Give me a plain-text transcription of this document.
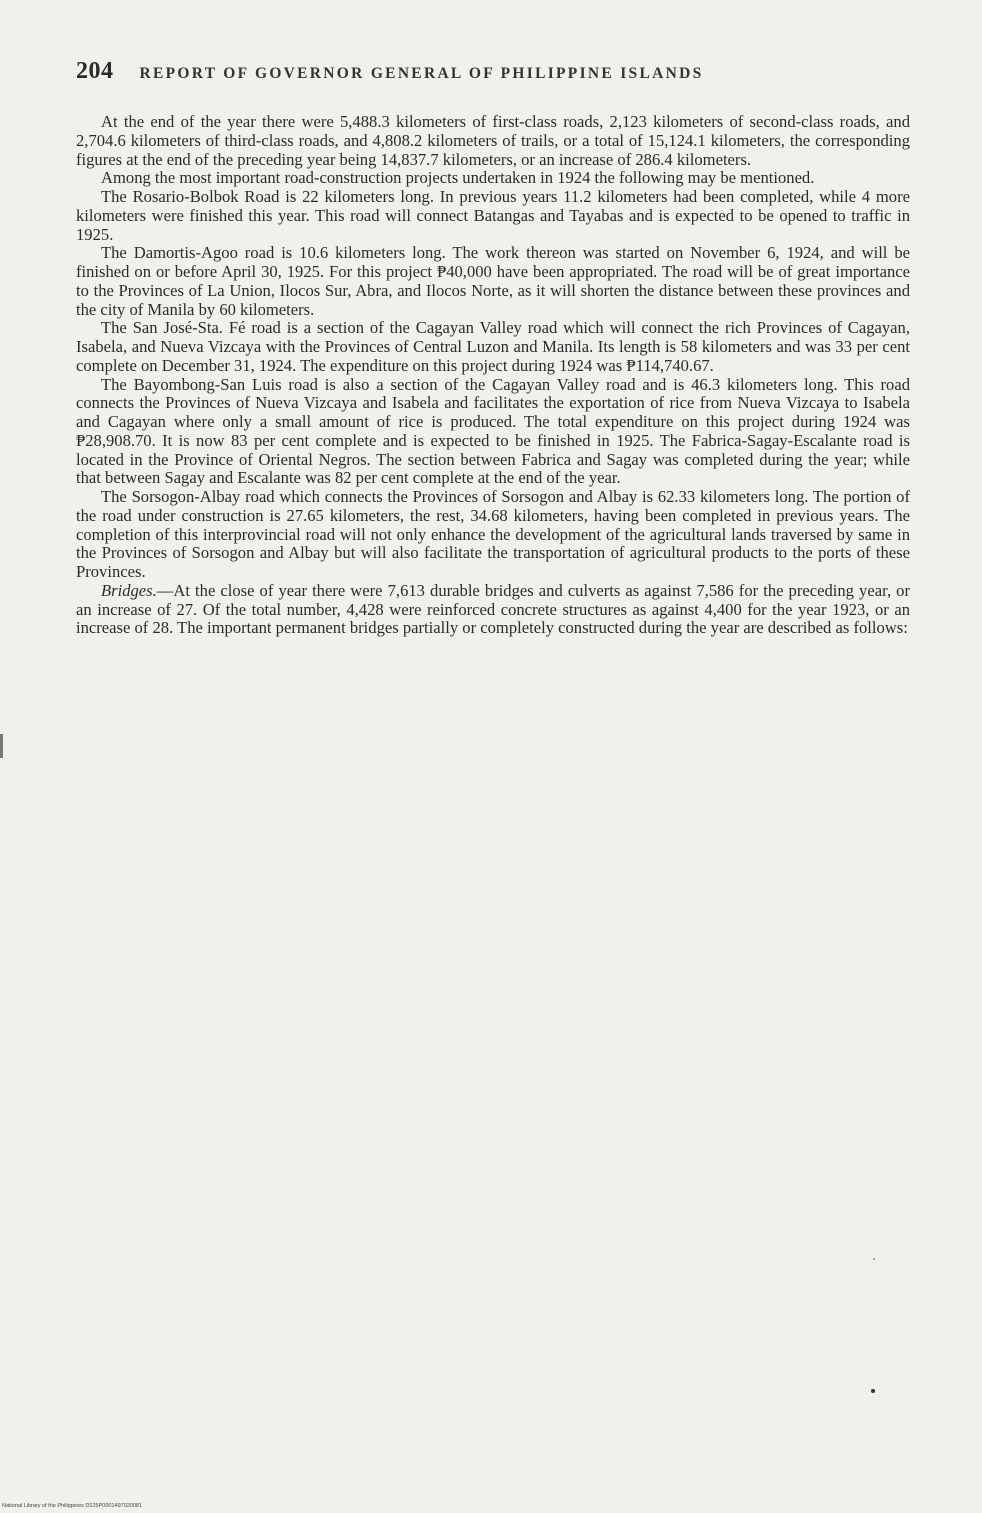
204 REPORT OF GOVERNOR GENERAL OF PHILIPPINE ISLANDS

At the end of the year there were 5,488.3 kilometers of first-class roads, 2,123 kilometers of second-class roads, and 2,704.6 kilometers of third-class roads, and 4,808.2 kilometers of trails, or a total of 15,124.1 kilometers, the corresponding figures at the end of the preceding year being 14,837.7 kilometers, or an increase of 286.4 kilometers.

Among the most important road-construction projects undertaken in 1924 the following may be mentioned.

The Rosario-Bolbok Road is 22 kilometers long. In previous years 11.2 kilometers had been completed, while 4 more kilometers were finished this year. This road will connect Batangas and Tayabas and is expected to be opened to traffic in 1925.

The Damortis-Agoo road is 10.6 kilometers long. The work thereon was started on November 6, 1924, and will be finished on or before April 30, 1925. For this project ₱40,000 have been appropriated. The road will be of great importance to the Provinces of La Union, Ilocos Sur, Abra, and Ilocos Norte, as it will shorten the distance between these provinces and the city of Manila by 60 kilometers.

The San José-Sta. Fé road is a section of the Cagayan Valley road which will connect the rich Provinces of Cagayan, Isabela, and Nueva Vizcaya with the Provinces of Central Luzon and Manila. Its length is 58 kilometers and was 33 per cent complete on December 31, 1924. The expenditure on this project during 1924 was ₱114,740.67.

The Bayombong-San Luis road is also a section of the Cagayan Valley road and is 46.3 kilometers long. This road connects the Provinces of Nueva Vizcaya and Isabela and facilitates the exportation of rice from Nueva Vizcaya to Isabela and Cagayan where only a small amount of rice is produced. The total expenditure on this project during 1924 was ₱28,908.70. It is now 83 per cent complete and is expected to be finished in 1925. The Fabrica-Sagay-Escalante road is located in the Province of Oriental Negros. The section between Fabrica and Sagay was completed during the year; while that between Sagay and Escalante was 82 per cent complete at the end of the year.

The Sorsogon-Albay road which connects the Provinces of Sorsogon and Albay is 62.33 kilometers long. The portion of the road under construction is 27.65 kilometers, the rest, 34.68 kilometers, having been completed in previous years. The completion of this interprovincial road will not only enhance the development of the agricultural lands traversed by same in the Provinces of Sorsogon and Albay but will also facilitate the transportation of agricultural products to the ports of these Provinces.

Bridges.—At the close of year there were 7,613 durable bridges and culverts as against 7,586 for the preceding year, or an increase of 27. Of the total number, 4,428 were reinforced concrete structures as against 4,400 for the year 1923, or an increase of 28. The important permanent bridges partially or completely constructed during the year are described as follows:

National Library of the Philippines D125P0001497020081
